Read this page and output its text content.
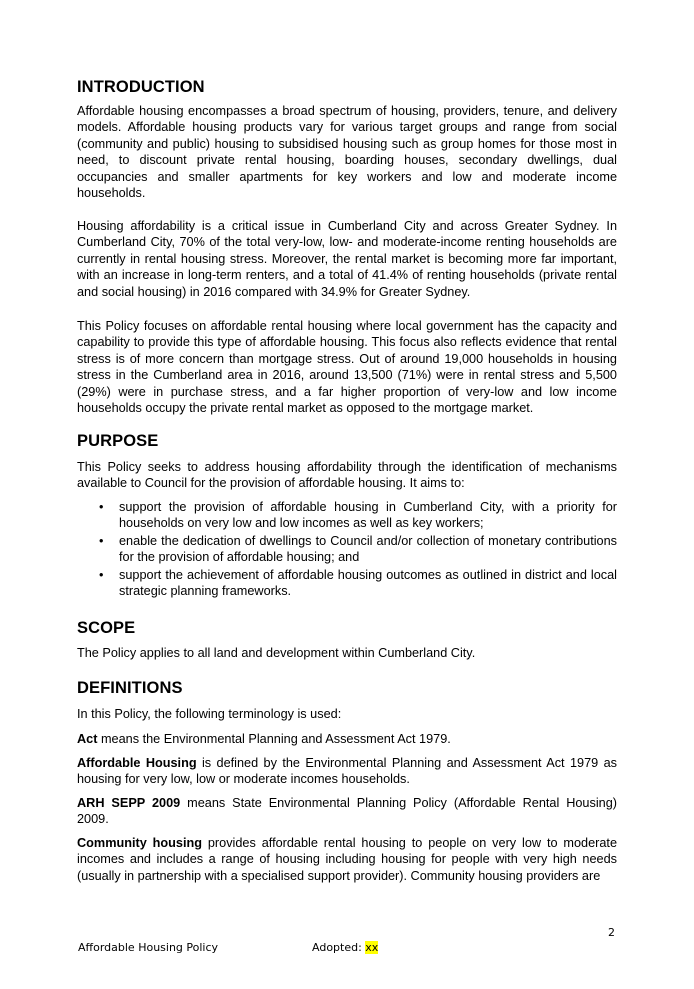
INTRODUCTION

Affordable housing encompasses a broad spectrum of housing, providers, tenure, and delivery models. Affordable housing products vary for various target groups and range from social (community and public) housing to subsidised housing such as group homes for those most in need, to discount private rental housing, boarding houses, secondary dwellings, dual occupancies and smaller apartments for key workers and low and moderate income households.

Housing affordability is a critical issue in Cumberland City and across Greater Sydney. In Cumberland City, 70% of the total very-low, low- and moderate-income renting households are currently in rental housing stress. Moreover, the rental market is becoming more far important, with an increase in long-term renters, and a total of 41.4% of renting households (private rental and social housing) in 2016 compared with 34.9% for Greater Sydney.

This Policy focuses on affordable rental housing where local government has the capacity and capability to provide this type of affordable housing. This focus also reflects evidence that rental stress is of more concern than mortgage stress. Out of around 19,000 households in housing stress in the Cumberland area in 2016, around 13,500 (71%) were in rental stress and 5,500 (29%) were in purchase stress, and a far higher proportion of very-low and low income households occupy the private rental market as opposed to the mortgage market.

PURPOSE

This Policy seeks to address housing affordability through the identification of mechanisms available to Council for the provision of affordable housing. It aims to:

• support the provision of affordable housing in Cumberland City, with a priority for households on very low and low incomes as well as key workers;
• enable the dedication of dwellings to Council and/or collection of monetary contributions for the provision of affordable housing; and
• support the achievement of affordable housing outcomes as outlined in district and local strategic planning frameworks.
SCOPE

The Policy applies to all land and development within Cumberland City.

DEFINITIONS

In this Policy, the following terminology is used:

Act means the Environmental Planning and Assessment Act 1979.

Affordable Housing is defined by the Environmental Planning and Assessment Act 1979 as housing for very low, low or moderate incomes households.

ARH SEPP 2009 means State Environmental Planning Policy (Affordable Rental Housing) 2009.

Community housing provides affordable rental housing to people on very low to moderate incomes and includes a range of housing including housing for people with very high needs (usually in partnership with a specialised support provider). Community housing providers are

2
Affordable Housing Policy	Adopted: xx
